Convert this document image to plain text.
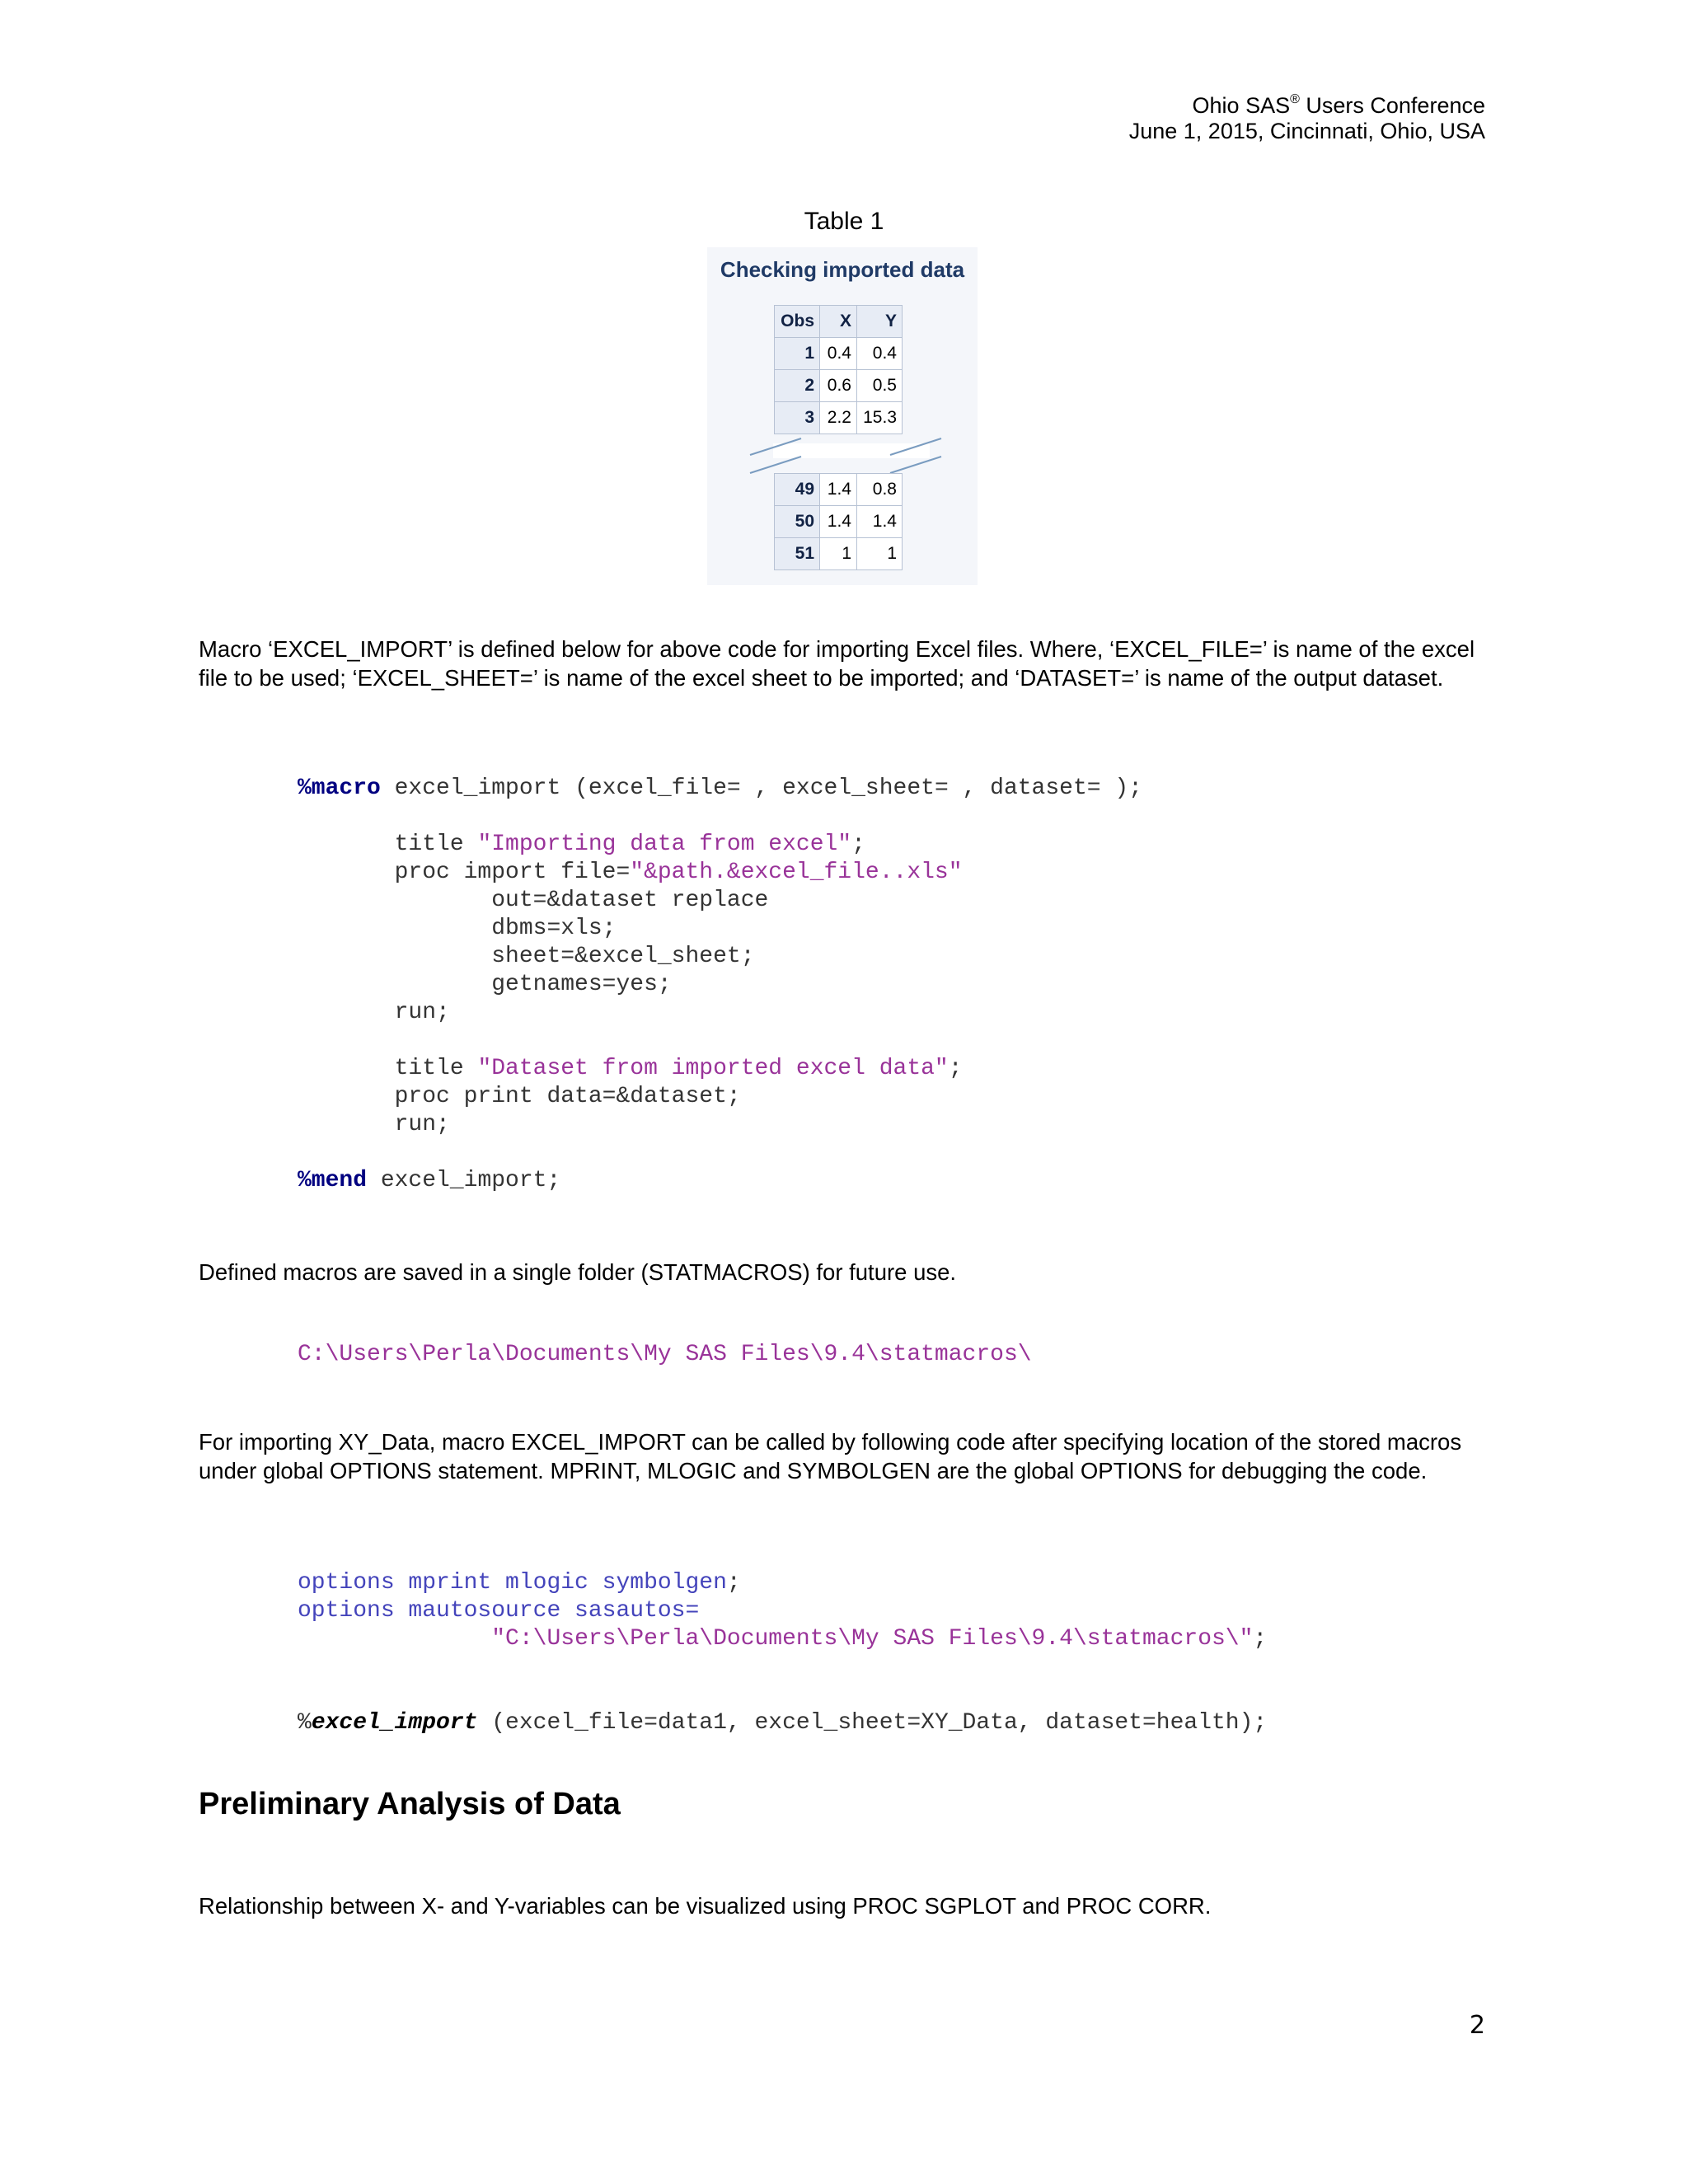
Ohio SAS® Users Conference
June 1, 2015, Cincinnati, Ohio, USA
Table 1
Checking imported data
Obs	X	Y
1	0.4	0.4
2	0.6	0.5
3	2.2	15.3
49	1.4	0.8
50	1.4	1.4
51	1	1
Macro ‘EXCEL_IMPORT’ is defined below for above code for importing Excel files. Where, ‘EXCEL_FILE=’ is name of the excel file to be used; ‘EXCEL_SHEET=’ is name of the excel sheet to be imported; and ‘DATASET=’ is name of the output dataset.
%macro excel_import (excel_file= , excel_sheet= , dataset= );

title "Importing data from excel";
proc import file="&path.&excel_file..xls"
out=&dataset replace
dbms=xls;
sheet=&excel_sheet;
getnames=yes;
run;

title "Dataset from imported excel data";
proc print data=&dataset;
run;

%mend excel_import;
Defined macros are saved in a single folder (STATMACROS) for future use.
C:\Users\Perla\Documents\My SAS Files\9.4\statmacros\
For importing XY_Data, macro EXCEL_IMPORT can be called by following code after specifying location of the stored macros under global OPTIONS statement. MPRINT, MLOGIC and SYMBOLGEN are the global OPTIONS for debugging the code.
options mprint mlogic symbolgen;
options mautosource sasautos=
"C:\Users\Perla\Documents\My SAS Files\9.4\statmacros\";
%excel_import (excel_file=data1, excel_sheet=XY_Data, dataset=health);
Preliminary Analysis of Data
Relationship between X- and Y-variables can be visualized using PROC SGPLOT and PROC CORR.
2
